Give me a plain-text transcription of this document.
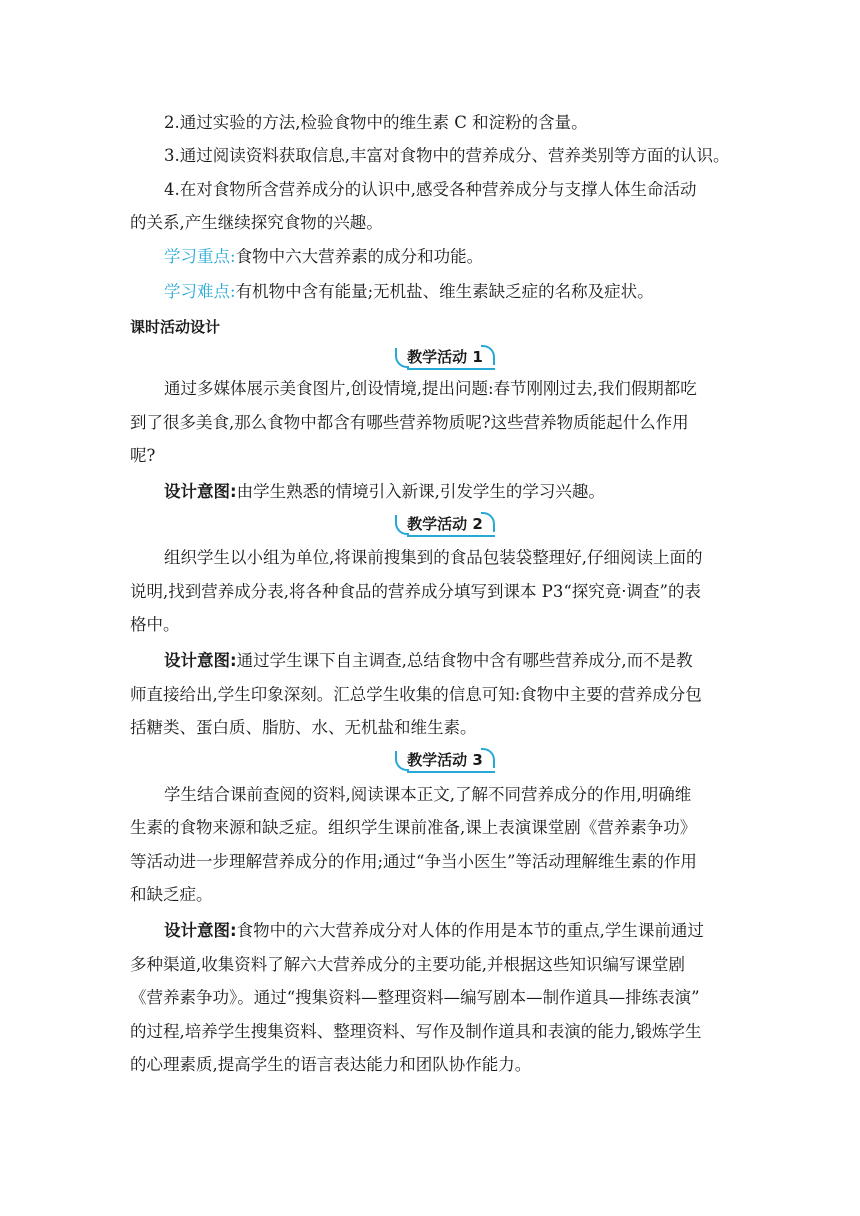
2.通过实验的方法,检验食物中的维生素 C 和淀粉的含量。
3.通过阅读资料获取信息,丰富对食物中的营养成分、营养类别等方面的认识。
4.在对食物所含营养成分的认识中,感受各种营养成分与支撑人体生命活动
的关系,产生继续探究食物的兴趣。
学习重点:食物中六大营养素的成分和功能。
学习难点:有机物中含有能量;无机盐、维生素缺乏症的名称及症状。
课时活动设计
教学活动 1
通过多媒体展示美食图片,创设情境,提出问题:春节刚刚过去,我们假期都吃
到了很多美食,那么食物中都含有哪些营养物质呢?这些营养物质能起什么作用
呢?
设计意图:由学生熟悉的情境引入新课,引发学生的学习兴趣。
教学活动 2
组织学生以小组为单位,将课前搜集到的食品包装袋整理好,仔细阅读上面的
说明,找到营养成分表,将各种食品的营养成分填写到课本 P3“探究竟·调查”的表
格中。
设计意图:通过学生课下自主调查,总结食物中含有哪些营养成分,而不是教
师直接给出,学生印象深刻。汇总学生收集的信息可知:食物中主要的营养成分包
括糖类、蛋白质、脂肪、水、无机盐和维生素。
教学活动 3
学生结合课前查阅的资料,阅读课本正文,了解不同营养成分的作用,明确维
生素的食物来源和缺乏症。组织学生课前准备,课上表演课堂剧《营养素争功》
等活动进一步理解营养成分的作用;通过“争当小医生”等活动理解维生素的作用
和缺乏症。
设计意图:食物中的六大营养成分对人体的作用是本节的重点,学生课前通过
多种渠道,收集资料了解六大营养成分的主要功能,并根据这些知识编写课堂剧
《营养素争功》。通过“搜集资料—整理资料—编写剧本—制作道具—排练表演”
的过程,培养学生搜集资料、整理资料、写作及制作道具和表演的能力,锻炼学生
的心理素质,提高学生的语言表达能力和团队协作能力。
